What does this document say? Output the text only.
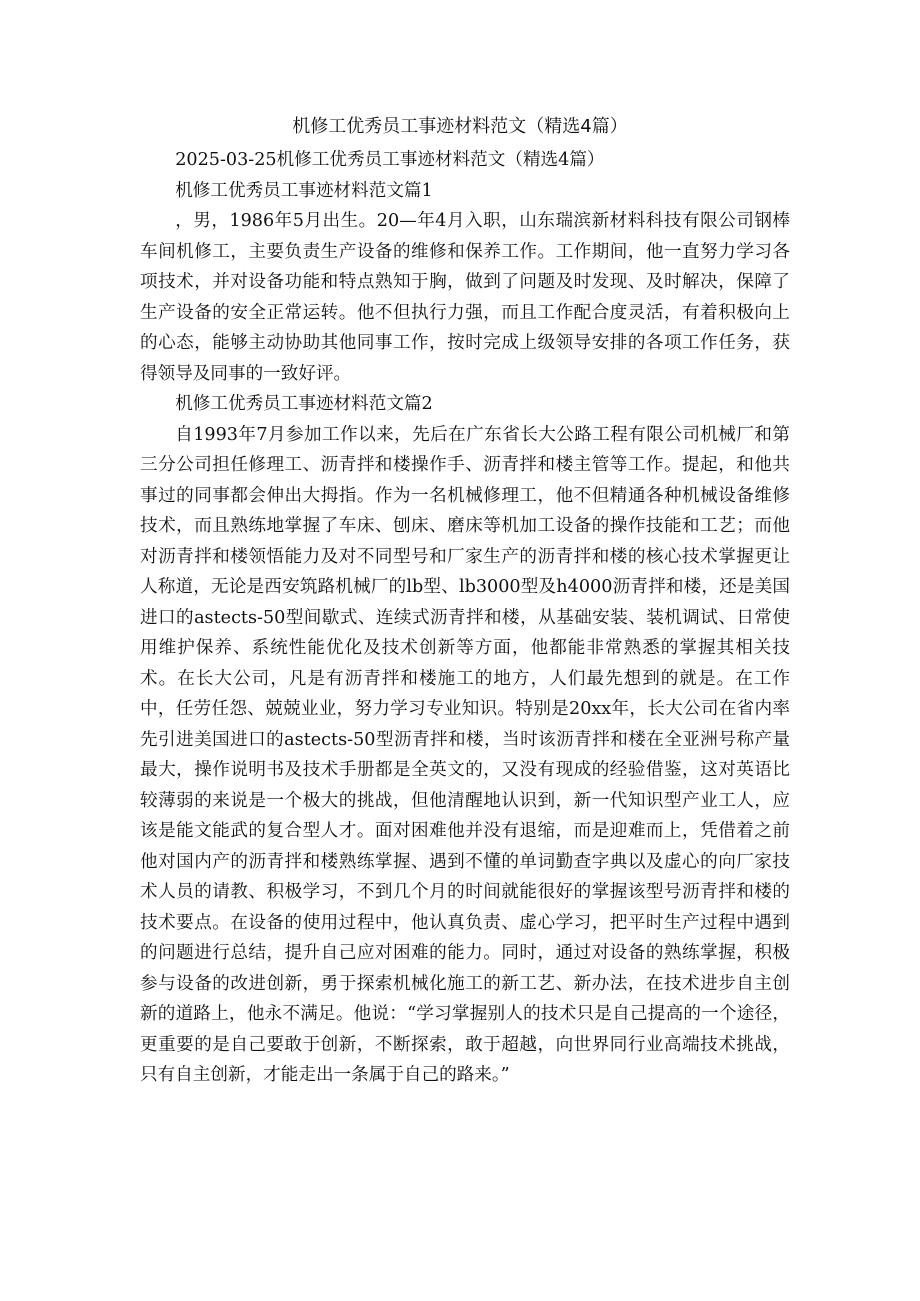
机修工优秀员工事迹材料范文（精选4篇）

2025-03-25机修工优秀员工事迹材料范文（精选4篇）

机修工优秀员工事迹材料范文篇1

，男，1986年5月出生。20—年4月入职，山东瑞滨新材料科技有限公司钢棒车间机修工，主要负责生产设备的维修和保养工作。工作期间，他一直努力学习各项技术，并对设备功能和特点熟知于胸，做到了问题及时发现、及时解决，保障了生产设备的安全正常运转。他不但执行力强，而且工作配合度灵活，有着积极向上的心态，能够主动协助其他同事工作，按时完成上级领导安排的各项工作任务，获得领导及同事的一致好评。

机修工优秀员工事迹材料范文篇2

自1993年7月参加工作以来，先后在广东省长大公路工程有限公司机械厂和第三分公司担任修理工、沥青拌和楼操作手、沥青拌和楼主管等工作。提起，和他共事过的同事都会伸出大拇指。作为一名机械修理工，他不但精通各种机械设备维修技术，而且熟练地掌握了车床、刨床、磨床等机加工设备的操作技能和工艺；而他对沥青拌和楼领悟能力及对不同型号和厂家生产的沥青拌和楼的核心技术掌握更让人称道，无论是西安筑路机械厂的lb型、lb3000型及h4000沥青拌和楼，还是美国进口的astects-50型间歇式、连续式沥青拌和楼，从基础安装、装机调试、日常使用维护保养、系统性能优化及技术创新等方面，他都能非常熟悉的掌握其相关技术。在长大公司，凡是有沥青拌和楼施工的地方，人们最先想到的就是。在工作中，任劳任怨、兢兢业业，努力学习专业知识。特别是20xx年，长大公司在省内率先引进美国进口的astects-50型沥青拌和楼，当时该沥青拌和楼在全亚洲号称产量最大，操作说明书及技术手册都是全英文的，又没有现成的经验借鉴，这对英语比较薄弱的来说是一个极大的挑战，但他清醒地认识到，新一代知识型产业工人，应该是能文能武的复合型人才。面对困难他并没有退缩，而是迎难而上，凭借着之前他对国内产的沥青拌和楼熟练掌握、遇到不懂的单词勤查字典以及虚心的向厂家技术人员的请教、积极学习，不到几个月的时间就能很好的掌握该型号沥青拌和楼的技术要点。在设备的使用过程中，他认真负责、虚心学习，把平时生产过程中遇到的问题进行总结，提升自己应对困难的能力。同时，通过对设备的熟练掌握，积极参与设备的改进创新，勇于探索机械化施工的新工艺、新办法，在技术进步自主创新的道路上，他永不满足。他说：“学习掌握别人的技术只是自己提高的一个途径，更重要的是自己要敢于创新，不断探索，敢于超越，向世界同行业高端技术挑战，只有自主创新，才能走出一条属于自己的路来。”
